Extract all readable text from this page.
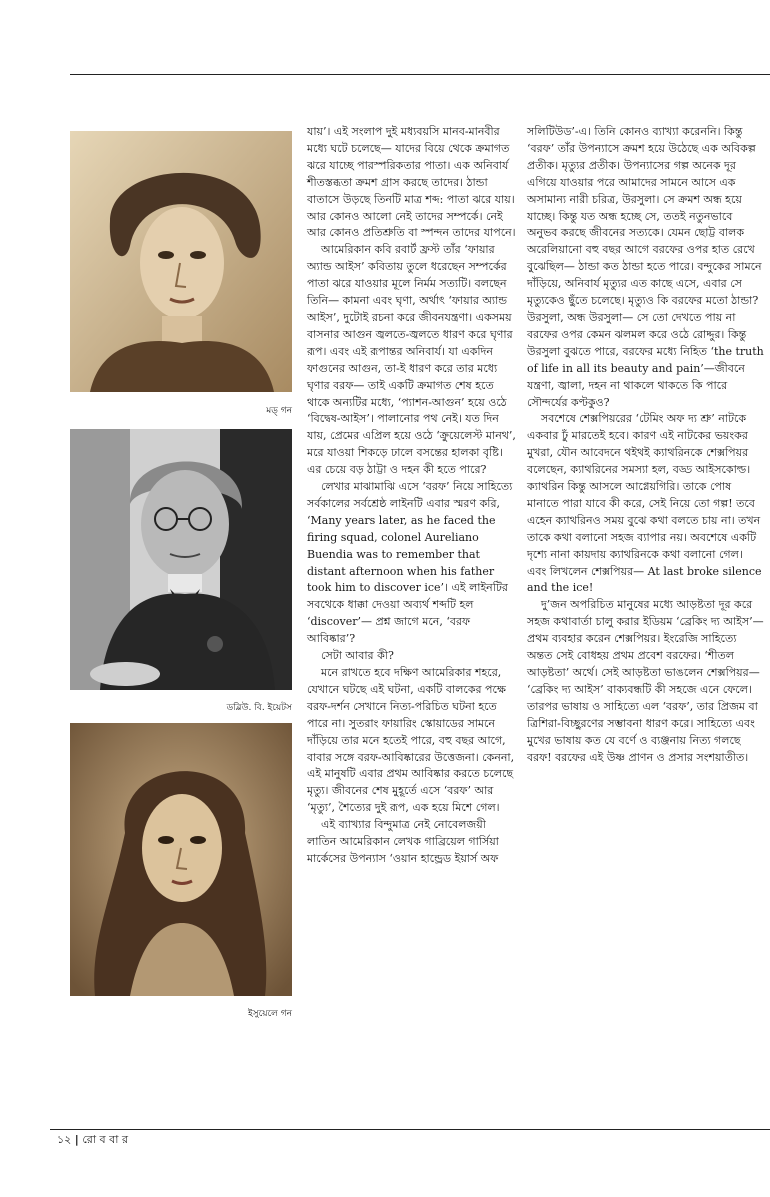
মড্‌ গন
ডব্লিউ. বি. ইয়েটস
ইসুয়েলে গন

যায়’। এই সংলাপ দুই মধ্যবয়সি মানব-মানবীর মধ্যে ঘটে চলেছে— যাদের বিয়ে থেকে ক্রমাগত ঝরে যাচ্ছে পারস্পরিকতার পাতা। এক অনিবার্য শীতস্তব্ধতা ক্রমশ গ্রাস করছে তাদের। ঠান্ডা বাতাসে উড়ছে তিনটি মাত্র শব্দ: পাতা ঝরে যায়। আর কোনও আলো নেই তাদের সম্পর্কে। নেই আর কোনও প্রতিশ্রুতি বা স্পন্দন তাদের যাপনে।

আমেরিকান কবি রবার্ট ফ্রস্ট তাঁর ‘ফায়ার অ্যান্ড আইস’ কবিতায় তুলে ধরেছেন সম্পর্কের পাতা ঝরে যাওয়ার মূলে নির্মম সত্যটি। বলছেন তিনি— কামনা এবং ঘৃণা, অর্থাৎ ‘ফায়ার অ্যান্ড আইস’, দুটোই রচনা করে জীবনযন্ত্রণা। একসময় বাসনার আগুন জ্বলতে-জ্বলতে ধারণ করে ঘৃণার রূপ। এবং এই রূপান্তর অনিবার্য। যা একদিন ফাগুনের আগুন, তা-ই ধারণ করে তার মধ্যে ঘৃণার বরফ— তাই একটি ক্রমাগত শেষ হতে থাকে অন্যটির মধ্যে, ‘প্যাশন-আগুন’ হয়ে ওঠে ‘বিদ্বেষ-আইস’। পালানোর পথ নেই। যত দিন যায়, প্রেমের এপ্রিল হয়ে ওঠে ‘ক্রুয়েলেস্ট মানথ’, মরে যাওয়া শিকড়ে ঢালে বসন্তের হালকা বৃষ্টি। এর চেয়ে বড় ঠাট্টা ও দহন কী হতে পারে?

লেখার মাঝামাঝি এসে ‘বরফ’ নিয়ে সাহিত্যে সর্বকালের সর্বশ্রেষ্ঠ লাইনটি এবার স্মরণ করি, ‘Many years later, as he faced the firing squad, colonel Aureliano Buendia was to remember that distant afternoon when his father took him to discover ice’। এই লাইনটির সবথেকে ধাক্কা দেওয়া অব্যর্থ শব্দটি হল ‘discover’— প্রশ্ন জাগে মনে, ‘বরফ আবিষ্কার’?

সেটা আবার কী?

মনে রাখতে হবে দক্ষিণ আমেরিকার শহরে, যেখানে ঘটছে এই ঘটনা, একটি বালকের পক্ষে বরফ-দর্শন সেখানে নিত্য-পরিচিত ঘটনা হতে পারে না। সুতরাং ফায়ারিং স্কোয়াডের সামনে দাঁড়িয়ে তার মনে হতেই পারে, বহু বছর আগে, বাবার সঙ্গে বরফ-আবিষ্কারের উত্তেজনা। কেননা, এই মানুষটি এবার প্রথম আবিষ্কার করতে চলেছে মৃত্যু। জীবনের শেষ মুহূর্তে এসে ‘বরফ’ আর ‘মৃত্যু’, শৈত্যের দুই রূপ, এক হয়ে মিশে গেল।

এই ব্যাখ্যার বিন্দুমাত্র নেই নোবেলজয়ী লাতিন আমেরিকান লেখক গাব্রিয়েল গার্সিয়া মার্কেসের উপন্যাস ‘ওয়ান হান্ড্রেড ইয়ার্স অফ

সলিটিউড’-এ। তিনি কোনও ব্যাখ্যা করেননি। কিন্তু ‘বরফ’ তাঁর উপন্যাসে ক্রমশ হয়ে উঠেছে এক অবিকল্প প্রতীক। মৃত্যুর প্রতীক। উপন্যাসের গল্প অনেক দূর এগিয়ে যাওয়ার পরে আমাদের সামনে আসে এক অসামান্য নারী চরিত্র, উরসুলা। সে ক্রমশ অন্ধ হয়ে যাচ্ছে। কিন্তু যত অন্ধ হচ্ছে সে, ততই নতুনভাবে অনুভব করছে জীবনের সত্যকে। যেমন ছোট্ট বালক অরেলিয়ানো বহু বছর আগে বরফের ওপর হাত রেখে বুঝেছিল— ঠান্ডা কত ঠান্ডা হতে পারে। বন্দুকের সামনে দাঁড়িয়ে, অনিবার্য মৃত্যুর এত কাছে এসে, এবার সে মৃত্যুকেও ছুঁতে চলেছে। মৃত্যুও কি বরফের মতো ঠান্ডা? উরসুলা, অন্ধ উরসুলা— সে তো দেখতে পায় না বরফের ওপর কেমন ঝলমল করে ওঠে রোদ্দুর। কিন্তু উরসুলা বুঝতে পারে, বরফের মধ্যে নিহিত ‘the truth of life in all its beauty and pain’—জীবনে যন্ত্রণা, জ্বালা, দহন না থাকলে থাকতে কি পারে সৌন্দর্যের কণ্টকুও?

সবশেষে শেক্সপিয়রের ‘টেমিং অফ দ্য শ্রু’ নাটকে একবার ঢুঁ মারতেই হবে। কারণ এই নাটকের ভয়ংকর মুখরা, যৌন আবেদনে থইথই ক্যাথরিনকে শেক্সপিয়র বলেছেন, ক্যাথরিনের সমস্যা হল, বড্ড আইসকোল্ড। ক্যাথরিন কিন্তু আসলে আগ্নেয়গিরি। তাকে পোষ মানাতে পারা যাবে কী করে, সেই নিয়ে তো গল্প! তবে এহেন ক্যাথরিনও সময় বুঝে কথা বলতে চায় না। তখন তাকে কথা বলানো সহজ ব্যাপার নয়। অবশেষে একটি দৃশ্যে নানা কায়দায় ক্যাথরিনকে কথা বলানো গেল। এবং লিখলেন শেক্সপিয়র— At last broke silence and the ice!

দু’জন অপরিচিত মানুষের মধ্যে আড়ষ্টতা দূর করে সহজ কথাবার্তা চালু করার ইডিয়ম ‘ব্রেকিং দ্য আইস’— প্রথম ব্যবহার করেন শেক্সপিয়র। ইংরেজি সাহিত্যে অন্তত সেই বোধহয় প্রথম প্রবেশ বরফের। ‘শীতল আড়ষ্টতা’ অর্থে। সেই আড়ষ্টতা ভাঙলেন শেক্সপিয়র— ‘ব্রেকিং দ্য আইস’ বাক্যবন্ধটি কী সহজে এনে ফেলে। তারপর ভাষায় ও সাহিত্যে এল ‘বরফ’, তার প্রিজম বা ত্রিশিরা-বিচ্ছুরণের সম্ভাবনা ধারণ করে। সাহিত্যে এবং মুখের ভাষায় কত যে বর্ণে ও ব্যঞ্জনায় নিত্য গলছে বরফ! বরফের এই উষ্ণ প্রাণন ও প্রসার সংশয়াতীত।

১২ | রো ব বা র
